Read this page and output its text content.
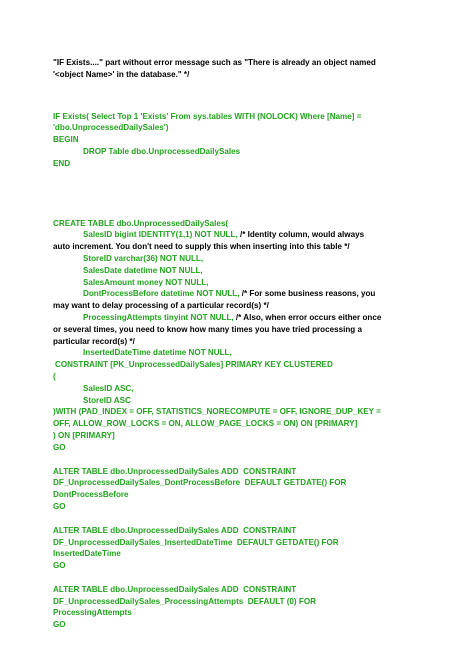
"IF Exists...." part without error message such as "There is already an object named
'<object Name>' in the database." */
IF Exists( Select Top 1 'Exists' From sys.tables WITH (NOLOCK) Where [Name] =
'dbo.UnprocessedDailySales')
BEGIN
DROP Table dbo.UnprocessedDailySales
END
CREATE TABLE dbo.UnprocessedDailySales(
SalesID bigint IDENTITY(1,1) NOT NULL, /* Identity column, would always
auto increment. You don't need to supply this when inserting into this table */
StoreID varchar(36) NOT NULL,
SalesDate datetime NOT NULL,
SalesAmount money NOT NULL,
DontProcessBefore datetime NOT NULL, /* For some business reasons, you
may want to delay processing of a particular record(s) */
ProcessingAttempts tinyint NOT NULL, /* Also, when error occurs either once
or several times, you need to know how many times you have tried processing a
particular record(s) */
InsertedDateTime datetime NOT NULL,
CONSTRAINT [PK_UnprocessedDailySales] PRIMARY KEY CLUSTERED
(
SalesID ASC,
StoreID ASC
)WITH (PAD_INDEX = OFF, STATISTICS_NORECOMPUTE = OFF, IGNORE_DUP_KEY =
OFF, ALLOW_ROW_LOCKS = ON, ALLOW_PAGE_LOCKS = ON) ON [PRIMARY]
) ON [PRIMARY]
GO
ALTER TABLE dbo.UnprocessedDailySales ADD  CONSTRAINT
DF_UnprocessedDailySales_DontProcessBefore  DEFAULT GETDATE() FOR
DontProcessBefore
GO
ALTER TABLE dbo.UnprocessedDailySales ADD  CONSTRAINT
DF_UnprocessedDailySales_InsertedDateTime  DEFAULT GETDATE() FOR
InsertedDateTime
GO
ALTER TABLE dbo.UnprocessedDailySales ADD  CONSTRAINT
DF_UnprocessedDailySales_ProcessingAttempts  DEFAULT (0) FOR
ProcessingAttempts
GO
